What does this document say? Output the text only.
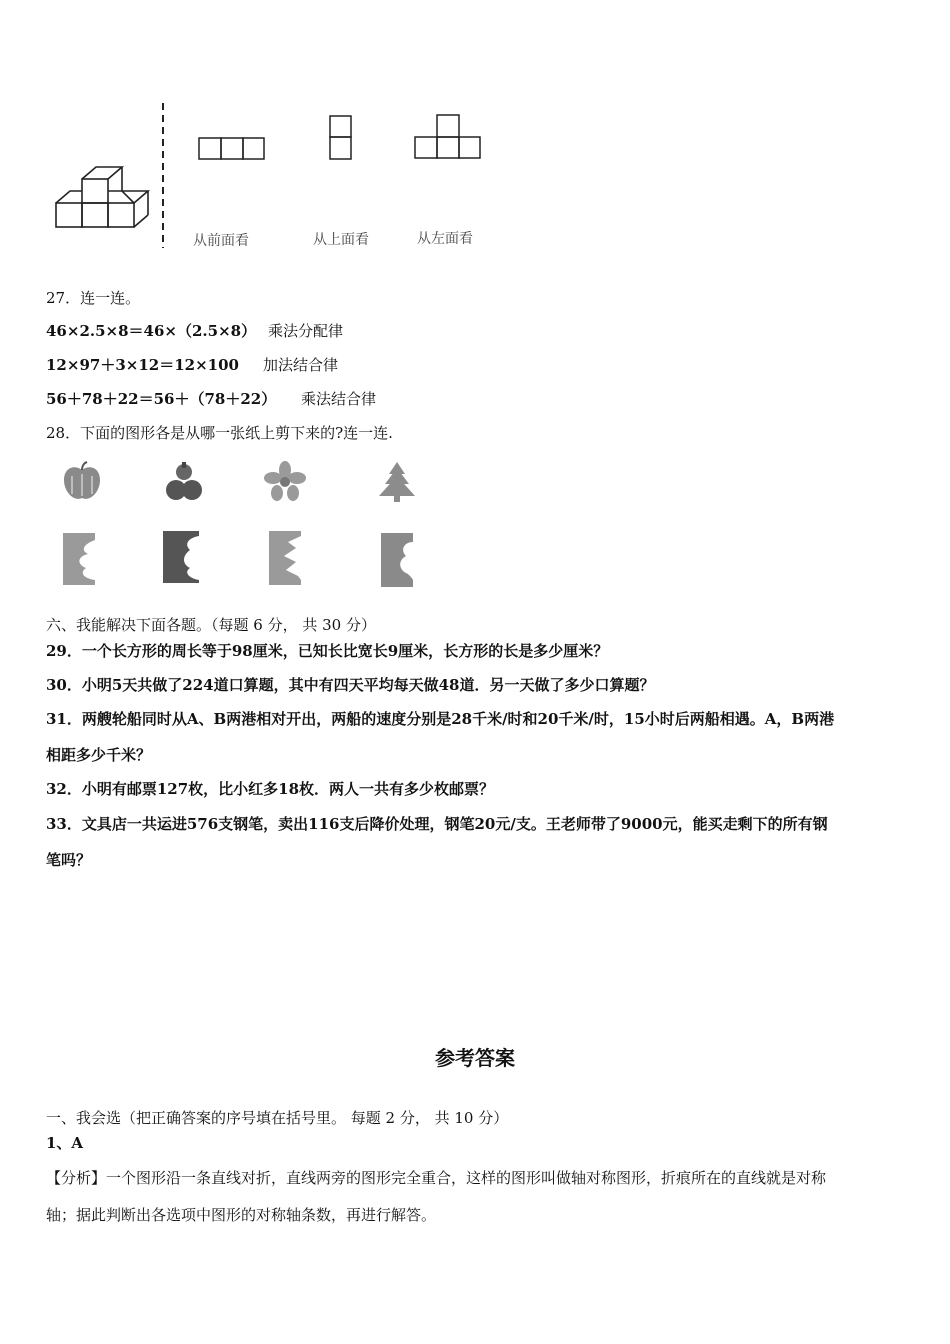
从前面看	从上面看	从左面看
27．连一连。
46×2.5×8＝46×（2.5×8） 乘法分配律
12×97＋3×12＝12×100 加法结合律
56＋78＋22＝56＋（78＋22） 乘法结合律
28．下面的图形各是从哪一张纸上剪下来的?连一连.
六、我能解决下面各题。（每题 6 分， 共 30 分）
29．一个长方形的周长等于98厘米，已知长比宽长9厘米，长方形的长是多少厘米？
30．小明5天共做了224道口算题，其中有四天平均每天做48道．另一天做了多少口算题？
31．两艘轮船同时从A、B两港相对开出，两船的速度分别是28千米/时和20千米/时，15小时后两船相遇。A，B两港
相距多少千米？
32．小明有邮票127枚，比小红多18枚．两人一共有多少枚邮票？
33．文具店一共运进576支钢笔，卖出116支后降价处理，钢笔20元/支。王老师带了9000元，能买走剩下的所有钢
笔吗？
参考答案
一、我会选（把正确答案的序号填在括号里。 每题 2 分， 共 10 分）
1、A
【分析】一个图形沿一条直线对折，直线两旁的图形完全重合，这样的图形叫做轴对称图形，折痕所在的直线就是对称
轴；据此判断出各选项中图形的对称轴条数，再进行解答。
